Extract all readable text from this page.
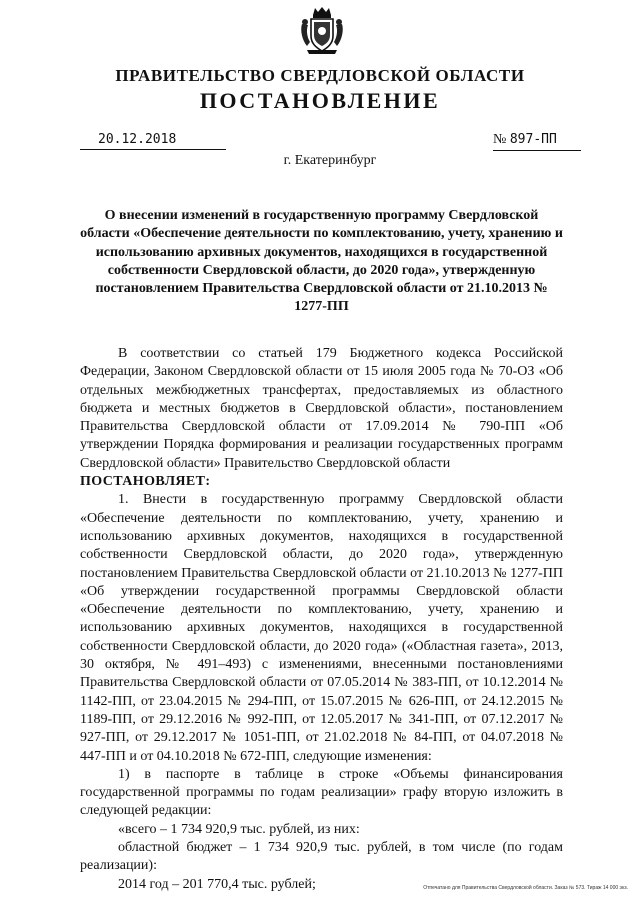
ПРАВИТЕЛЬСТВО СВЕРДЛОВСКОЙ ОБЛАСТИ
ПОСТАНОВЛЕНИЕ
20.12.2018	№ 897-ПП
г. Екатеринбург
О внесении изменений в государственную программу Свердловской области «Обеспечение деятельности по комплектованию, учету, хранению и использованию архивных документов, находящихся в государственной собственности Свердловской области, до 2020 года», утвержденную постановлением Правительства Свердловской области от 21.10.2013 № 1277-ПП

В соответствии со статьей 179 Бюджетного кодекса Российской Федерации, Законом Свердловской области от 15 июля 2005 года № 70-ОЗ «Об отдельных межбюджетных трансфертах, предоставляемых из областного бюджета и местных бюджетов в Свердловской области», постановлением Правительства Свердловской области от 17.09.2014 № 790-ПП «Об утверждении Порядка формирования и реализации государственных программ Свердловской области» Правительство Свердловской области

ПОСТАНОВЛЯЕТ:

1. Внести в государственную программу Свердловской области «Обеспечение деятельности по комплектованию, учету, хранению и использованию архивных документов, находящихся в государственной собственности Свердловской области, до 2020 года», утвержденную постановлением Правительства Свердловской области от 21.10.2013 № 1277-ПП «Об утверждении государственной программы Свердловской области «Обеспечение деятельности по комплектованию, учету, хранению и использованию архивных документов, находящихся в государственной собственности Свердловской области, до 2020 года» («Областная газета», 2013, 30 октября, № 491–493) с изменениями, внесенными постановлениями Правительства Свердловской области от 07.05.2014 № 383-ПП, от 10.12.2014 № 1142-ПП, от 23.04.2015 № 294-ПП, от 15.07.2015 № 626-ПП, от 24.12.2015 № 1189-ПП, от 29.12.2016 № 992-ПП, от 12.05.2017 № 341-ПП, от 07.12.2017 № 927-ПП, от 29.12.2017 № 1051-ПП, от 21.02.2018 № 84-ПП, от 04.07.2018 № 447-ПП и от 04.10.2018 № 672-ПП, следующие изменения:

1) в паспорте в таблице в строке «Объемы финансирования государственной программы по годам реализации» графу вторую изложить в следующей редакции:

«всего – 1 734 920,9 тыс. рублей, из них:

областной бюджет – 1 734 920,9 тыс. рублей, в том числе (по годам реализации):

2014 год – 201 770,4 тыс. рублей;	Отпечатано для Правительства Свердловской области. Заказ № 573. Тираж 14 000 экз.
